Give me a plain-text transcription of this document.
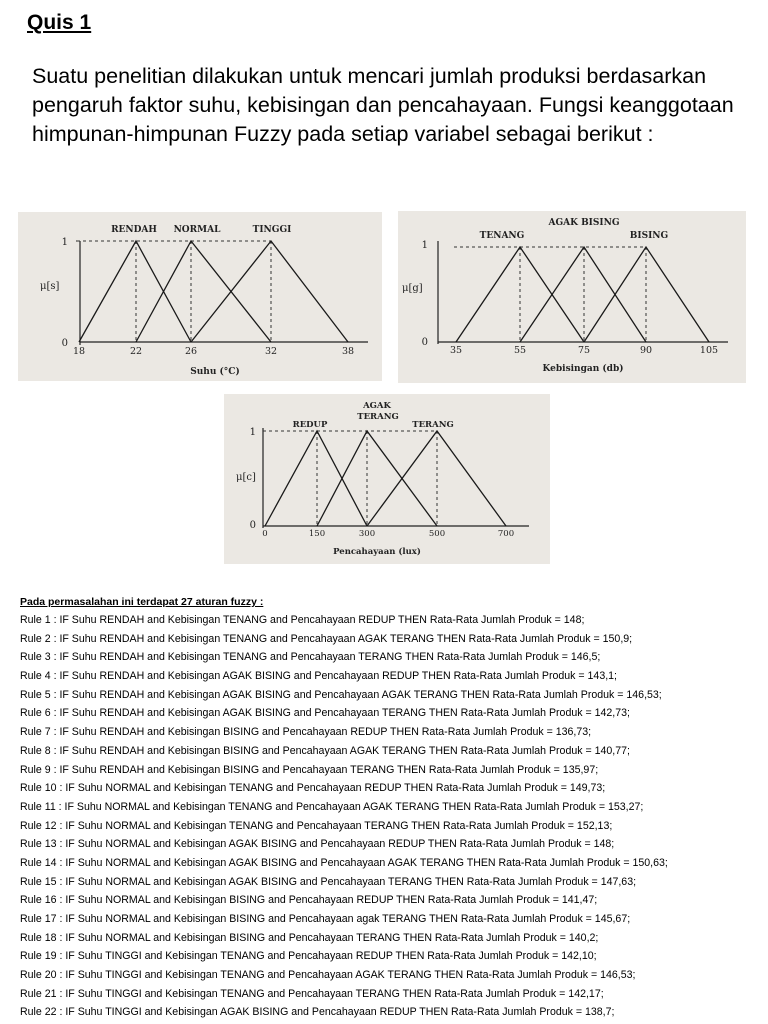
Quis 1
Suatu penelitian dilakukan untuk mencari jumlah produksi berdasarkan pengaruh faktor suhu, kebisingan dan pencahayaan. Fungsi keanggotaan himpunan-himpunan Fuzzy pada setiap variabel sebagai berikut :
1
0
μ[s]
RENDAH NORMAL	TINGGI
18	22	26	32	38
Suhu (°C)
1
0
μ[g]
TENANG
AGAK BISING
BISING
35	55	75	90	105
Kebisingan (db)
1
0
μ[c]
REDUP
AGAK
TERANG
TERANG
0	150	300	500	700
Pencahayaan (lux)
Pada permasalahan ini terdapat 27 aturan fuzzy :
Rule 1 : IF Suhu RENDAH and Kebisingan TENANG and Pencahayaan REDUP THEN Rata-Rata Jumlah Produk = 148;
Rule 2 : IF Suhu RENDAH and Kebisingan TENANG and Pencahayaan AGAK TERANG THEN Rata-Rata Jumlah Produk = 150,9;
Rule 3 : IF Suhu RENDAH and Kebisingan TENANG and Pencahayaan TERANG THEN Rata-Rata Jumlah Produk = 146,5;
Rule 4 : IF Suhu RENDAH and Kebisingan AGAK BISING and Pencahayaan REDUP THEN Rata-Rata Jumlah Produk = 143,1;
Rule 5 : IF Suhu RENDAH and Kebisingan AGAK BISING and Pencahayaan AGAK TERANG THEN Rata-Rata Jumlah Produk = 146,53;
Rule 6 : IF Suhu RENDAH and Kebisingan AGAK BISING and Pencahayaan TERANG THEN Rata-Rata Jumlah Produk = 142,73;
Rule 7 : IF Suhu RENDAH and Kebisingan BISING and Pencahayaan REDUP THEN Rata-Rata Jumlah Produk = 136,73;
Rule 8 : IF Suhu RENDAH and Kebisingan BISING and Pencahayaan AGAK TERANG THEN Rata-Rata Jumlah Produk = 140,77;
Rule 9 : IF Suhu RENDAH and Kebisingan BISING and Pencahayaan TERANG THEN Rata-Rata Jumlah Produk = 135,97;
Rule 10 : IF Suhu NORMAL and Kebisingan TENANG and Pencahayaan REDUP THEN Rata-Rata Jumlah Produk = 149,73;
Rule 11 : IF Suhu NORMAL and Kebisingan TENANG and Pencahayaan AGAK TERANG THEN Rata-Rata Jumlah Produk = 153,27;
Rule 12 : IF Suhu NORMAL and Kebisingan TENANG and Pencahayaan TERANG THEN Rata-Rata Jumlah Produk = 152,13;
Rule 13 : IF Suhu NORMAL and Kebisingan AGAK BISING and Pencahayaan REDUP THEN Rata-Rata Jumlah Produk = 148;
Rule 14 : IF Suhu NORMAL and Kebisingan AGAK BISING and Pencahayaan AGAK TERANG THEN Rata-Rata Jumlah Produk = 150,63;
Rule 15 : IF Suhu NORMAL and Kebisingan AGAK BISING and Pencahayaan TERANG THEN Rata-Rata Jumlah Produk = 147,63;
Rule 16 : IF Suhu NORMAL and Kebisingan BISING and Pencahayaan REDUP THEN Rata-Rata Jumlah Produk = 141,47;
Rule 17 : IF Suhu NORMAL and Kebisingan BISING and Pencahayaan agak TERANG THEN Rata-Rata Jumlah Produk = 145,67;
Rule 18 : IF Suhu NORMAL and Kebisingan BISING and Pencahayaan TERANG THEN Rata-Rata Jumlah Produk = 140,2;
Rule 19 : IF Suhu TINGGI and Kebisingan TENANG and Pencahayaan REDUP THEN Rata-Rata Jumlah Produk = 142,10;
Rule 20 : IF Suhu TINGGI and Kebisingan TENANG and Pencahayaan AGAK TERANG THEN Rata-Rata Jumlah Produk = 146,53;
Rule 21 : IF Suhu TINGGI and Kebisingan TENANG and Pencahayaan TERANG THEN Rata-Rata Jumlah Produk = 142,17;
Rule 22 : IF Suhu TINGGI and Kebisingan AGAK BISING and Pencahayaan REDUP THEN Rata-Rata Jumlah Produk = 138,7;
